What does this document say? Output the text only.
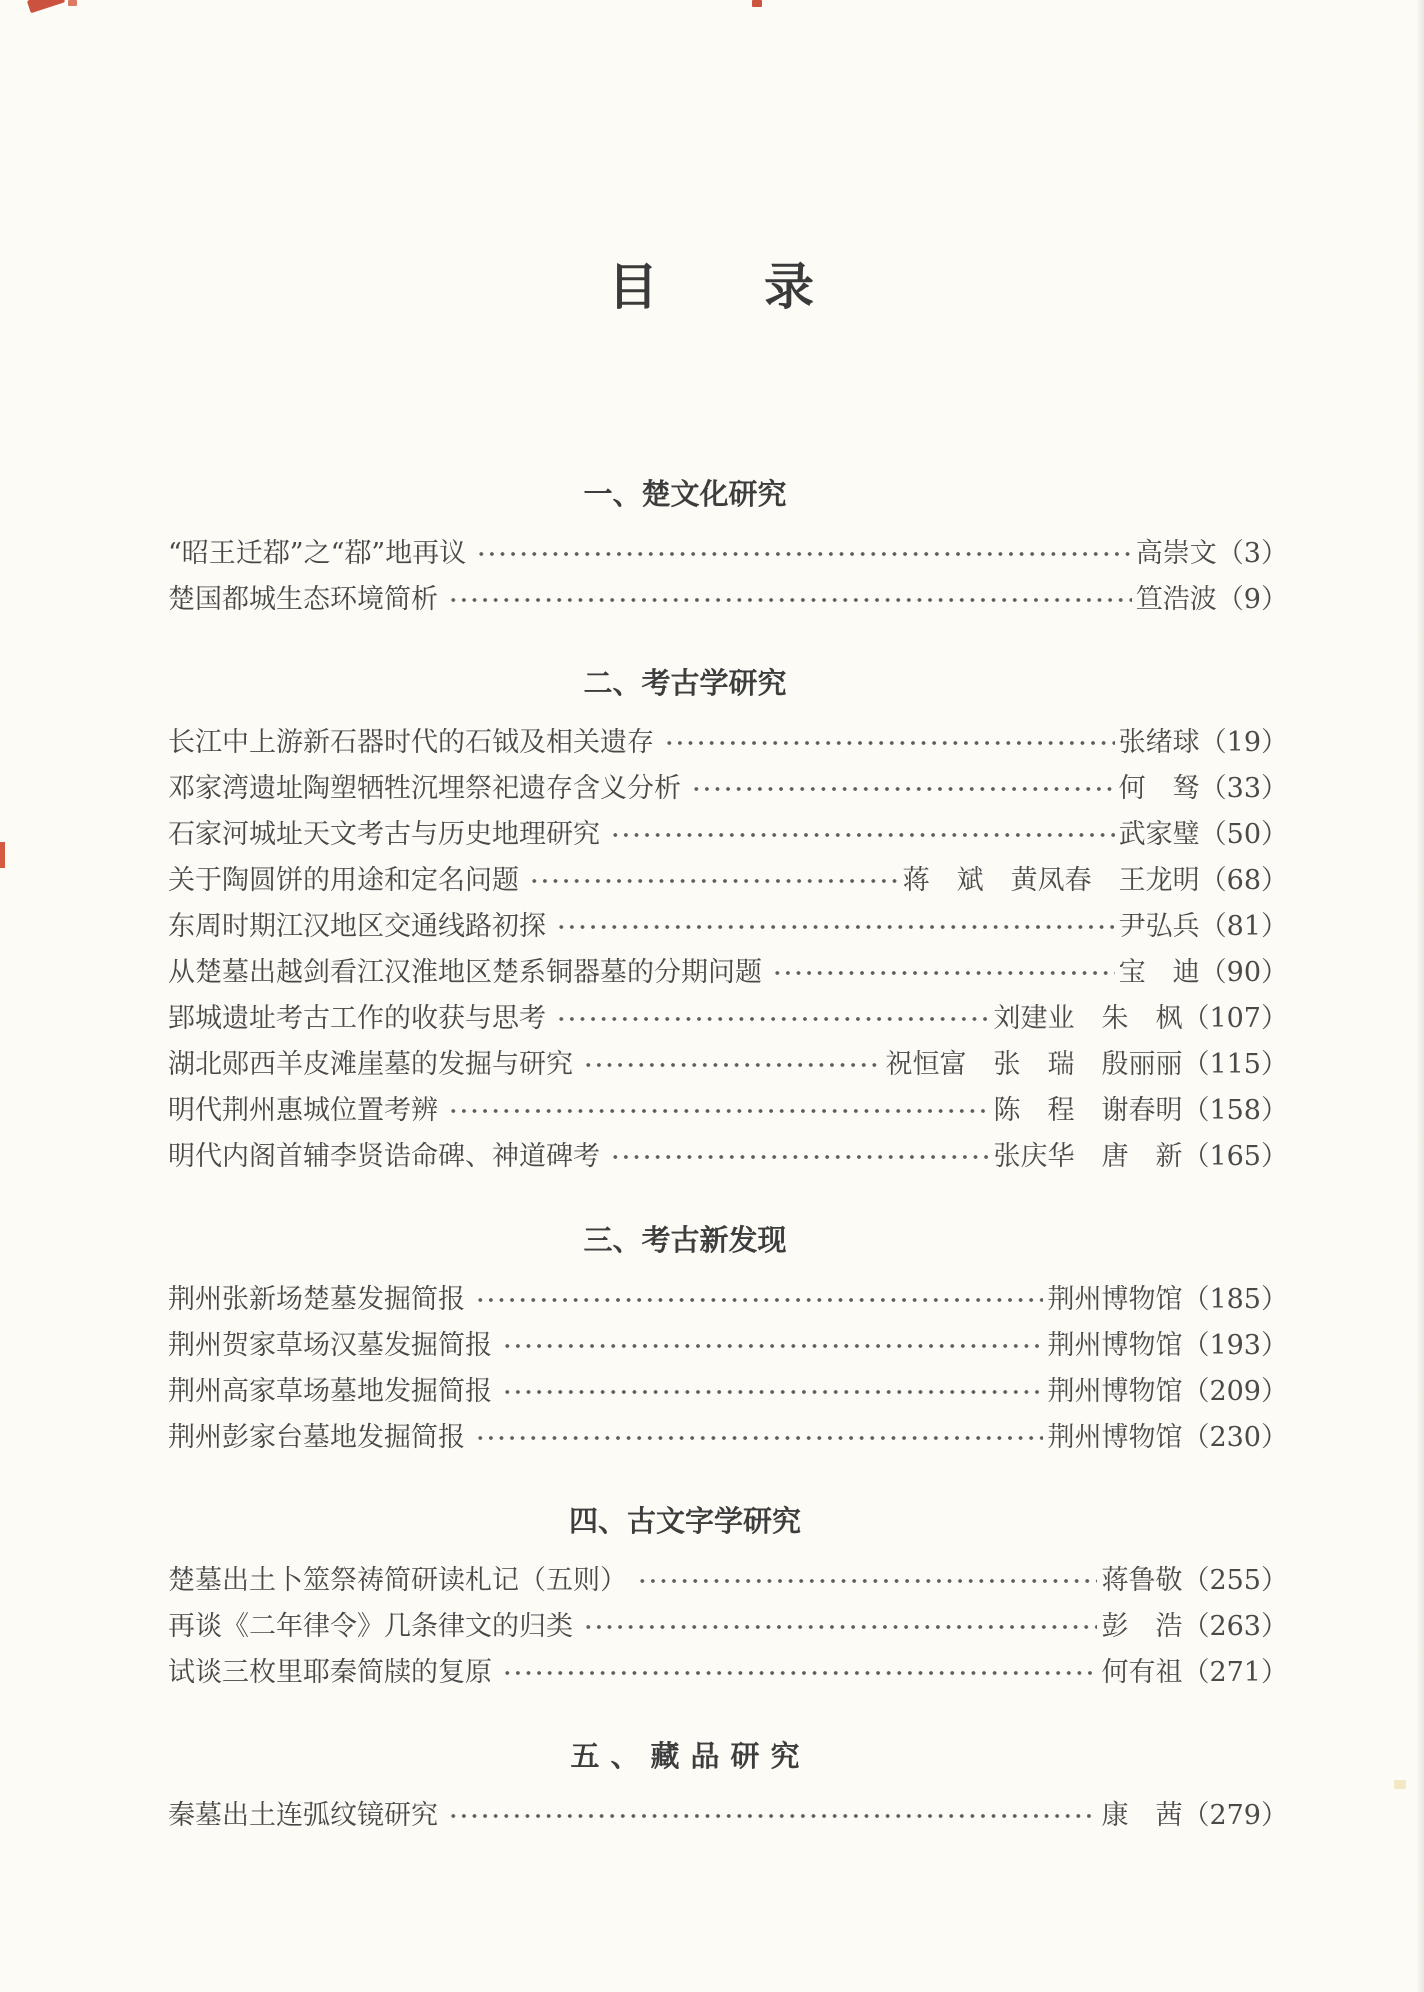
目　　录
一、楚文化研究
“昭王迁鄀”之“鄀”地再议	高崇文 （3）
楚国都城生态环境简析	笪浩波 （9）
二、考古学研究
长江中上游新石器时代的石钺及相关遗存	张绪球 （19）
邓家湾遗址陶塑牺牲沉埋祭祀遗存含义分析	何　驽 （33）
石家河城址天文考古与历史地理研究	武家璧 （50）
关于陶圆饼的用途和定名问题	蒋　斌　黄凤春　王龙明 （68）
东周时期江汉地区交通线路初探	尹弘兵 （81）
从楚墓出越剑看江汉淮地区楚系铜器墓的分期问题	宝　迪 （90）
郢城遗址考古工作的收获与思考	刘建业　朱　枫 （107）
湖北郧西羊皮滩崖墓的发掘与研究	祝恒富　张　瑞　殷丽丽 （115）
明代荆州惠城位置考辨	陈　程　谢春明 （158）
明代内阁首辅李贤诰命碑、神道碑考	张庆华　唐　新 （165）
三、考古新发现
荆州张新场楚墓发掘简报	荆州博物馆 （185）
荆州贺家草场汉墓发掘简报	荆州博物馆 （193）
荆州高家草场墓地发掘简报	荆州博物馆 （209）
荆州彭家台墓地发掘简报	荆州博物馆 （230）
四、古文字学研究
楚墓出土卜筮祭祷简研读札记（五则）	蒋鲁敬 （255）
再谈《二年律令》几条律文的归类	彭　浩 （263）
试谈三枚里耶秦简牍的复原	何有祖 （271）
五、藏品研究
秦墓出土连弧纹镜研究	康　茜 （279）
